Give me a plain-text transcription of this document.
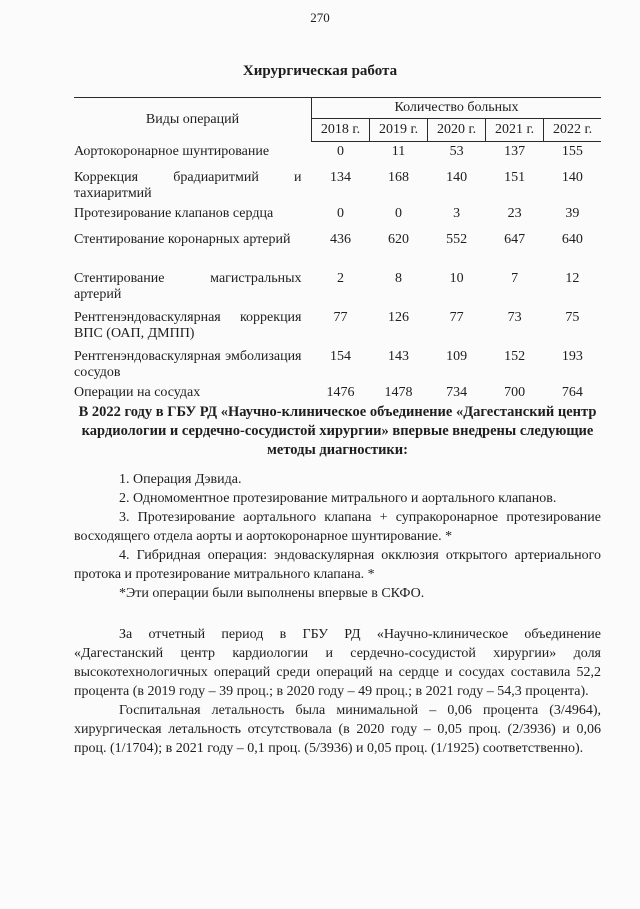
270
Хирургическая работа
Виды операций	Количество больных				
	2018 г.	2019 г.	2020 г.	2021 г.	2022 г.
Аортокоронарное шунтирование	0	11	53	137	155
Коррекция брадиаритмий и тахиаритмий	134	168	140	151	140
Протезирование клапанов сердца	0	0	3	23	39
Стентирование коронарных артерий	436	620	552	647	640
Стентирование магистральных артерий	2	8	10	7	12
Рентгенэндоваскулярная коррекция ВПС (ОАП, ДМПП)	77	126	77	73	75
Рентгенэндоваскулярная эмболизация сосудов	154	143	109	152	193
Операции на сосудах	1476	1478	734	700	764
В 2022 году в ГБУ РД «Научно-клиническое объединение «Дагестанский центр кардиологии и сердечно-сосудистой хирургии» впервые внедрены следующие методы диагностики:

1. Операция Дэвида.

2. Одномоментное протезирование митрального и аортального клапанов.

3. Протезирование аортального клапана + супракоронарное протезирование восходящего отдела аорты и аортокоронарное шунтирование. *

4. Гибридная операция: эндоваскулярная окклюзия открытого артериального протока и протезирование митрального клапана. *

*Эти операции были выполнены впервые в СКФО.

За отчетный период в ГБУ РД «Научно-клиническое объединение «Дагестанский центр кардиологии и сердечно-сосудистой хирургии» доля высокотехнологичных операций среди операций на сердце и сосудах составила 52,2 процента (в 2019 году – 39 проц.; в 2020 году – 49 проц.; в 2021 году – 54,3 процента).

Госпитальная летальность была минимальной – 0,06 процента (3/4964), хирургическая летальность отсутствовала (в 2020 году – 0,05 проц. (2/3936) и 0,06 проц. (1/1704); в 2021 году – 0,1 проц. (5/3936) и 0,05 проц. (1/1925) соответственно).
